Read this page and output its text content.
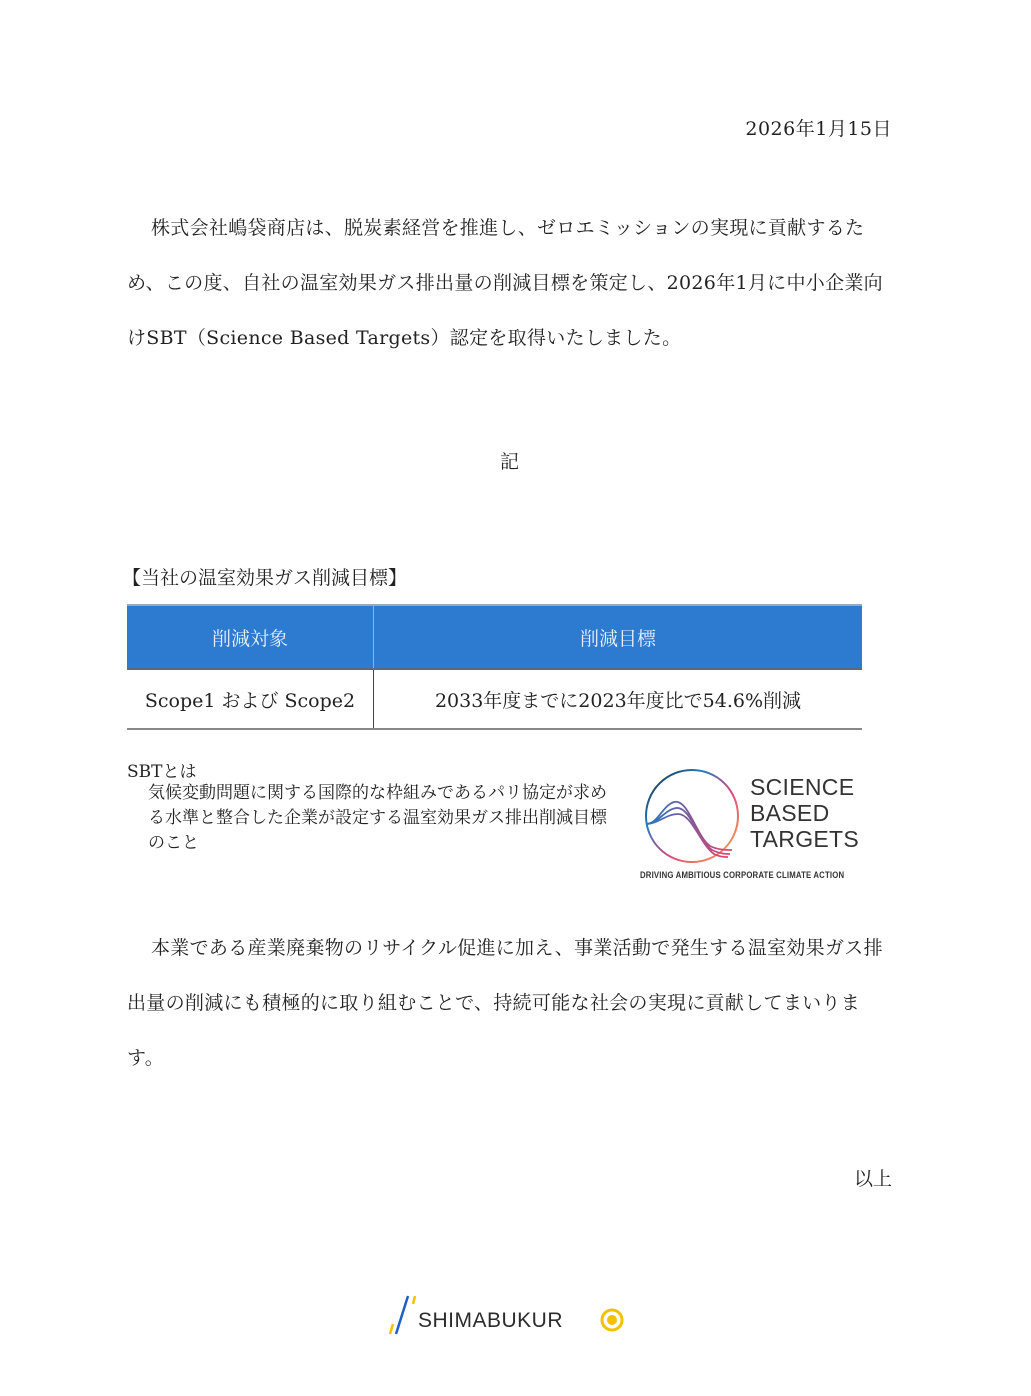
2026年1月15日
株式会社嶋袋商店は、脱炭素経営を推進し、ゼロエミッションの実現に貢献するため、この度、自社の温室効果ガス排出量の削減目標を策定し、2026年1月に中小企業向けSBT（Science Based Targets）認定を取得いたしました。
記
【当社の温室効果ガス削減目標】
削減対象	削減目標
Scope1 および Scope2	2033年度までに2023年度比で54.6%削減
SBTとは
気候変動問題に関する国際的な枠組みであるパリ協定が求める水準と整合した企業が設定する温室効果ガス排出削減目標のこと
SCIENCE
BASED
TARGETS
DRIVING AMBITIOUS CORPORATE CLIMATE ACTION
本業である産業廃棄物のリサイクル促進に加え、事業活動で発生する温室効果ガス排出量の削減にも積極的に取り組むことで、持続可能な社会の実現に貢献してまいります。
以上
SHIMABUKUR
